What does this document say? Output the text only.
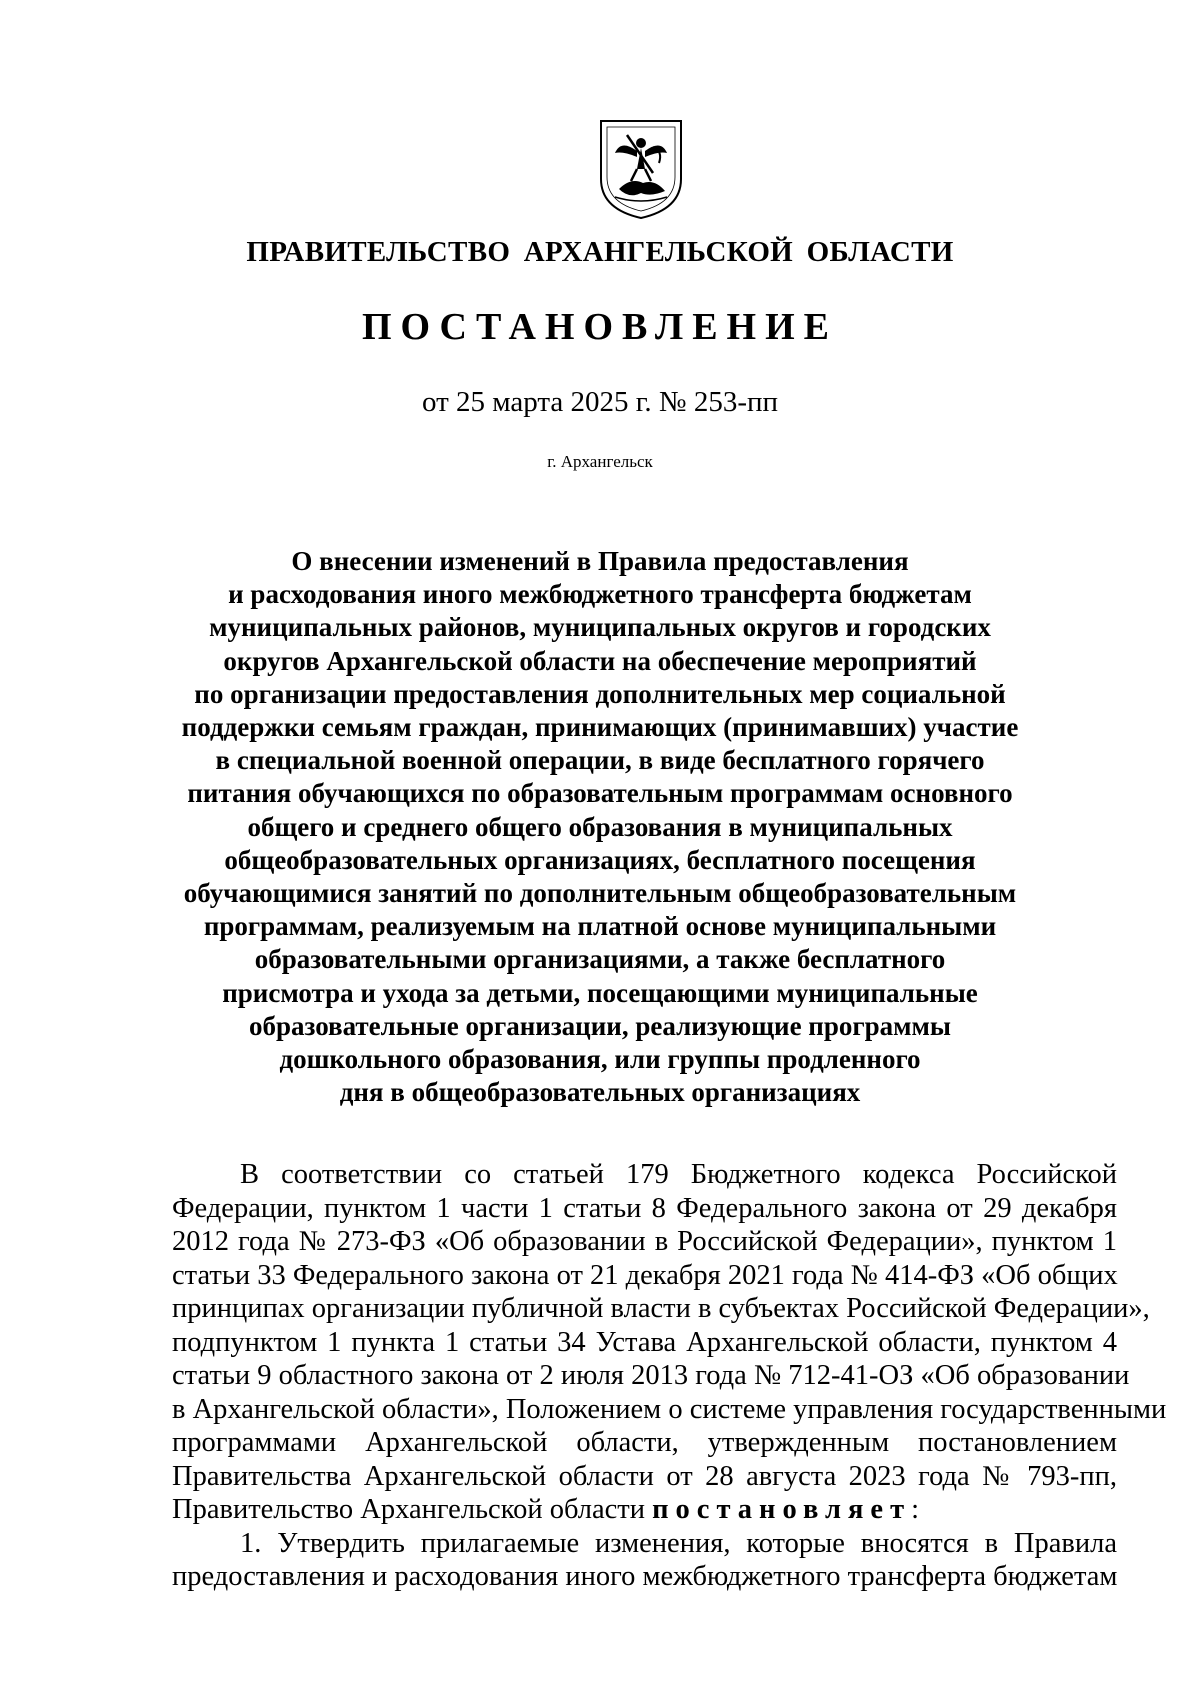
ПРАВИТЕЛЬСТВО АРХАНГЕЛЬСКОЙ ОБЛАСТИ
ПОСТАНОВЛЕНИЕ
от 25 марта 2025 г. № 253-пп
г. Архангельск
О внесении изменений в Правила предоставления
и расходования иного межбюджетного трансферта бюджетам
муниципальных районов, муниципальных округов и городских
округов Архангельской области на обеспечение мероприятий
по организации предоставления дополнительных мер социальной
поддержки семьям граждан, принимающих (принимавших) участие
в специальной военной операции, в виде бесплатного горячего
питания обучающихся по образовательным программам основного
общего и среднего общего образования в муниципальных
общеобразовательных организациях, бесплатного посещения
обучающимися занятий по дополнительным общеобразовательным
программам, реализуемым на платной основе муниципальными
образовательными организациями, а также бесплатного
присмотра и ухода за детьми, посещающими муниципальные
образовательные организации, реализующие программы
дошкольного образования, или группы продленного
дня в общеобразовательных организациях
В соответствии со статьей 179 Бюджетного кодекса Российской
Федерации, пунктом 1 части 1 статьи 8 Федерального закона от 29 декабря
2012 года № 273-ФЗ «Об образовании в Российской Федерации», пунктом 1
статьи 33 Федерального закона от 21 декабря 2021 года № 414-ФЗ «Об общих
принципах организации публичной власти в субъектах Российской Федерации»,
подпунктом 1 пункта 1 статьи 34 Устава Архангельской области, пунктом 4
статьи 9 областного закона от 2 июля 2013 года № 712-41-ОЗ «Об образовании
в Архангельской области», Положением о системе управления государственными
программами Архангельской области, утвержденным постановлением
Правительства Архангельской области от 28 августа 2023 года № 793-пп,
Правительство Архангельской области постановляет:
1. Утвердить прилагаемые изменения, которые вносятся в Правила
предоставления и расходования иного межбюджетного трансферта бюджетам
